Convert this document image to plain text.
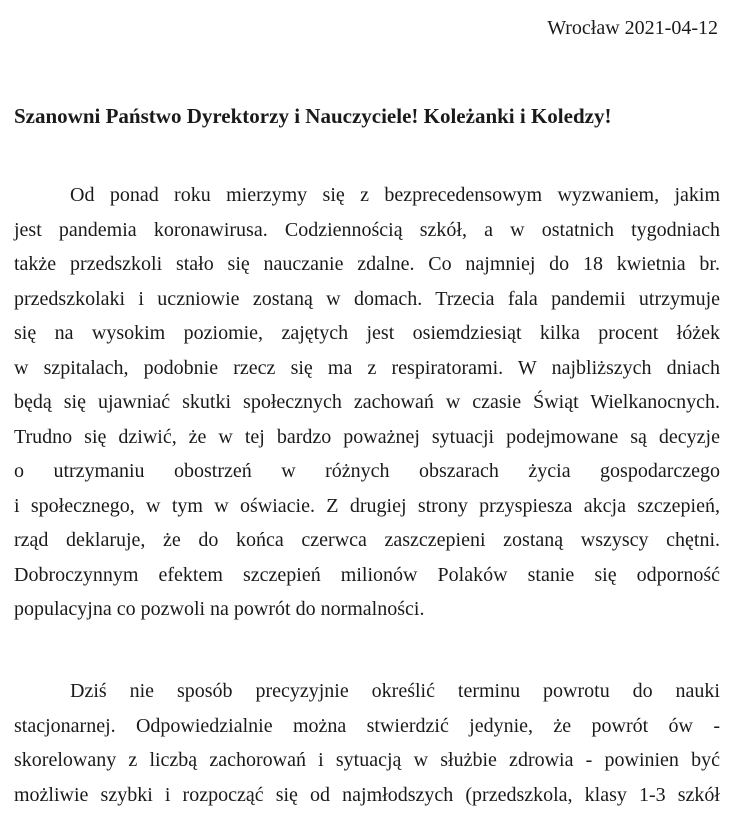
Wrocław 2021-04-12
Szanowni Państwo Dyrektorzy i Nauczyciele! Koleżanki i Koledzy!
Od ponad roku mierzymy się z bezprecedensowym wyzwaniem, jakim
jest pandemia koronawirusa. Codziennością szkół, a w ostatnich tygodniach
także przedszkoli stało się nauczanie zdalne. Co najmniej do 18 kwietnia br.
przedszkolaki i uczniowie zostaną w domach. Trzecia fala pandemii utrzymuje
się na wysokim poziomie, zajętych jest osiemdziesiąt kilka procent łóżek
w szpitalach, podobnie rzecz się ma z respiratorami. W najbliższych dniach
będą się ujawniać skutki społecznych zachowań w czasie Świąt Wielkanocnych.
Trudno się dziwić, że w tej bardzo poważnej sytuacji podejmowane są decyzje
o utrzymaniu obostrzeń w różnych obszarach życia gospodarczego
i społecznego, w tym w oświacie. Z drugiej strony przyspiesza akcja szczepień,
rząd deklaruje, że do końca czerwca zaszczepieni zostaną wszyscy chętni.
Dobroczynnym efektem szczepień milionów Polaków stanie się odporność
populacyjna co pozwoli na powrót do normalności.
Dziś nie sposób precyzyjnie określić terminu powrotu do nauki
stacjonarnej. Odpowiedzialnie można stwierdzić jedynie, że powrót ów -
skorelowany z liczbą zachorowań i sytuacją w służbie zdrowia - powinien być
możliwie szybki i rozpocząć się od najmłodszych (przedszkola, klasy 1-3 szkół
